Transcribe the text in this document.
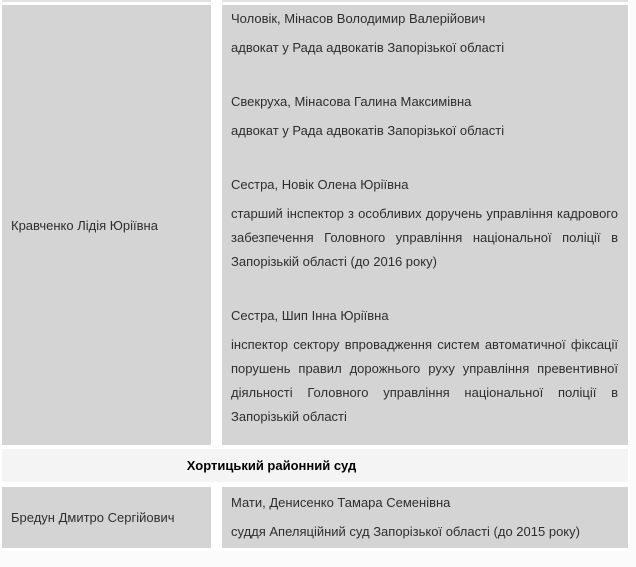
Кравченко Лідія Юріївна

Чоловік, Мінасов Володимир Валерійович

адвокат у Рада адвокатів Запорізької області

Свекруха, Мінасова Галина Максимівна

адвокат у Рада адвокатів Запорізької області

Сестра, Новік Олена Юріївна

старший інспектор з особливих доручень управління кадрового забезпечення Головного управління національної поліції в Запорізькій області (до 2016 року)

Сестра, Шип Інна Юріївна

інспектор сектору впровадження систем автоматичної фіксації порушень правил дорожнього руху управління превентивної діяльності Головного управління національної поліції в Запорізькій області

Хортицький районний суд
Бредун Дмитро Сергійович

Мати, Денисенко Тамара Семенівна

суддя Апеляційний суд Запорізької області (до 2015 року)
